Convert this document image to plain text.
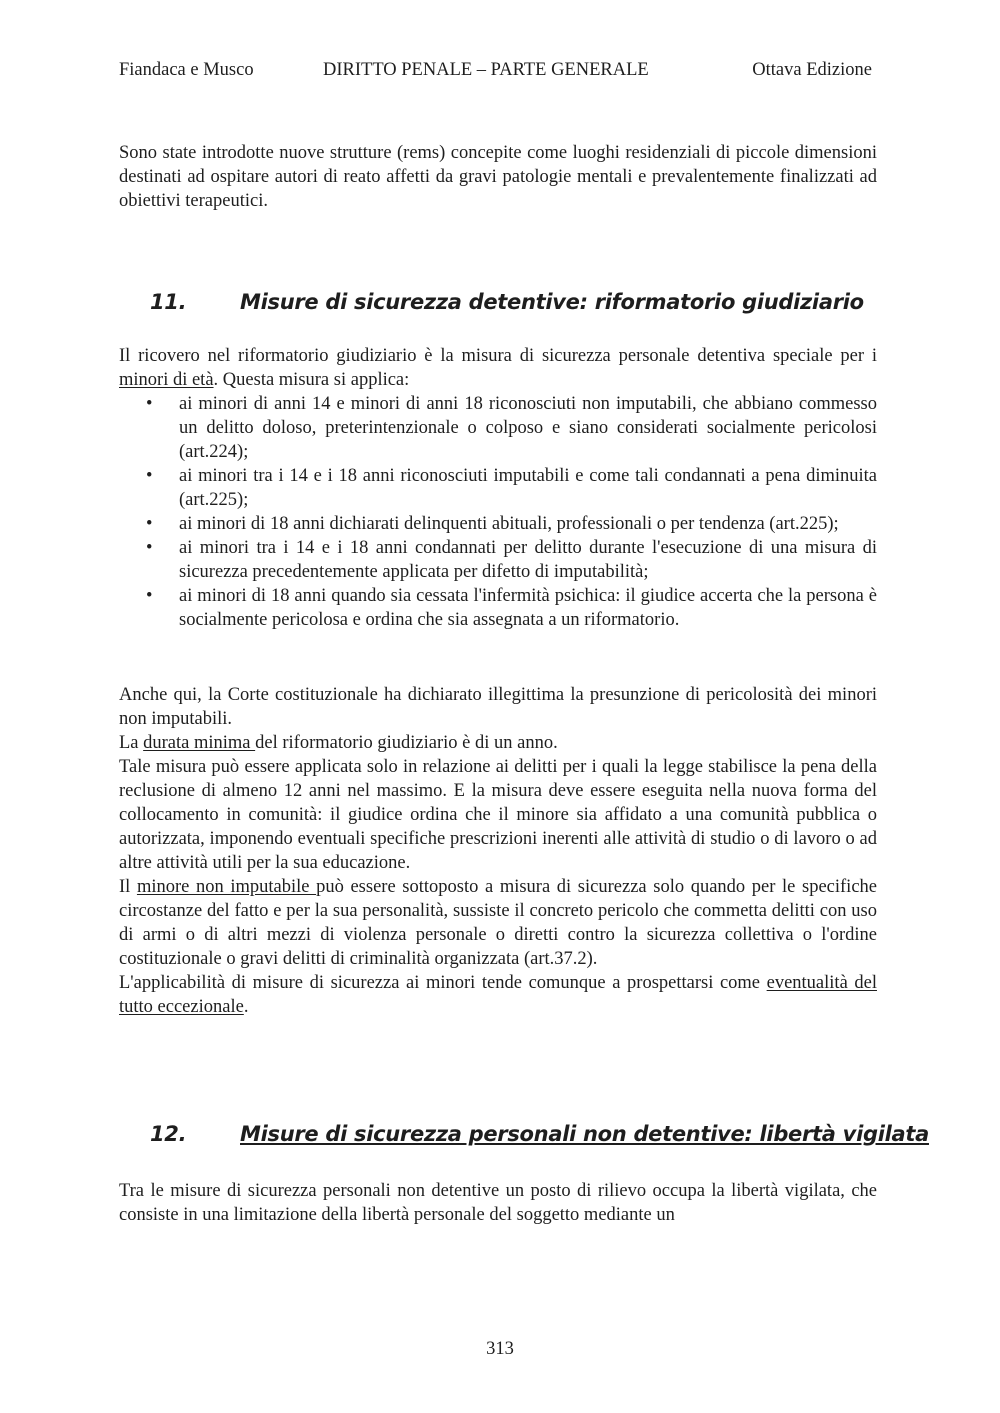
Fiandaca e Musco	DIRITTO PENALE – PARTE GENERALE	Ottava Edizione

Sono state introdotte nuove strutture (rems) concepite come luoghi residenziali di piccole dimensioni destinati ad ospitare autori di reato affetti da gravi patologie mentali e prevalentemente finalizzati ad obiettivi terapeutici.

11.	Misure di sicurezza detentive: riformatorio giudiziario

Il ricovero nel riformatorio giudiziario è la misura di sicurezza personale detentiva speciale per i minori di età. Questa misura si applica:

• ai minori di anni 14 e minori di anni 18 riconosciuti non imputabili, che abbiano commesso un delitto doloso, preterintenzionale o colposo e siano considerati socialmente pericolosi (art.224);
• ai minori tra i 14 e i 18 anni riconosciuti imputabili e come tali condannati a pena diminuita (art.225);
• ai minori di 18 anni dichiarati delinquenti abituali, professionali o per tendenza (art.225);
• ai minori tra i 14 e i 18 anni condannati per delitto durante l'esecuzione di una misura di sicurezza precedentemente applicata per difetto di imputabilità;
• ai minori di 18 anni quando sia cessata l'infermità psichica: il giudice accerta che la persona è socialmente pericolosa e ordina che sia assegnata a un riformatorio.

Anche qui, la Corte costituzionale ha dichiarato illegittima la presunzione di pericolosità dei minori non imputabili.

La durata minima del riformatorio giudiziario è di un anno.

Tale misura può essere applicata solo in relazione ai delitti per i quali la legge stabilisce la pena della reclusione di almeno 12 anni nel massimo. E la misura deve essere eseguita nella nuova forma del collocamento in comunità: il giudice ordina che il minore sia affidato a una comunità pubblica o autorizzata, imponendo eventuali specifiche prescrizioni inerenti alle attività di studio o di lavoro o ad altre attività utili per la sua educazione.

Il minore non imputabile può essere sottoposto a misura di sicurezza solo quando per le specifiche circostanze del fatto e per la sua personalità, sussiste il concreto pericolo che commetta delitti con uso di armi o di altri mezzi di violenza personale o diretti contro la sicurezza collettiva o l'ordine costituzionale o gravi delitti di criminalità organizzata (art.37.2).

L'applicabilità di misure di sicurezza ai minori tende comunque a prospettarsi come eventualità del tutto eccezionale.

12.	Misure di sicurezza personali non detentive: libertà vigilata

Tra le misure di sicurezza personali non detentive un posto di rilievo occupa la libertà vigilata, che consiste in una limitazione della libertà personale del soggetto mediante un

313
